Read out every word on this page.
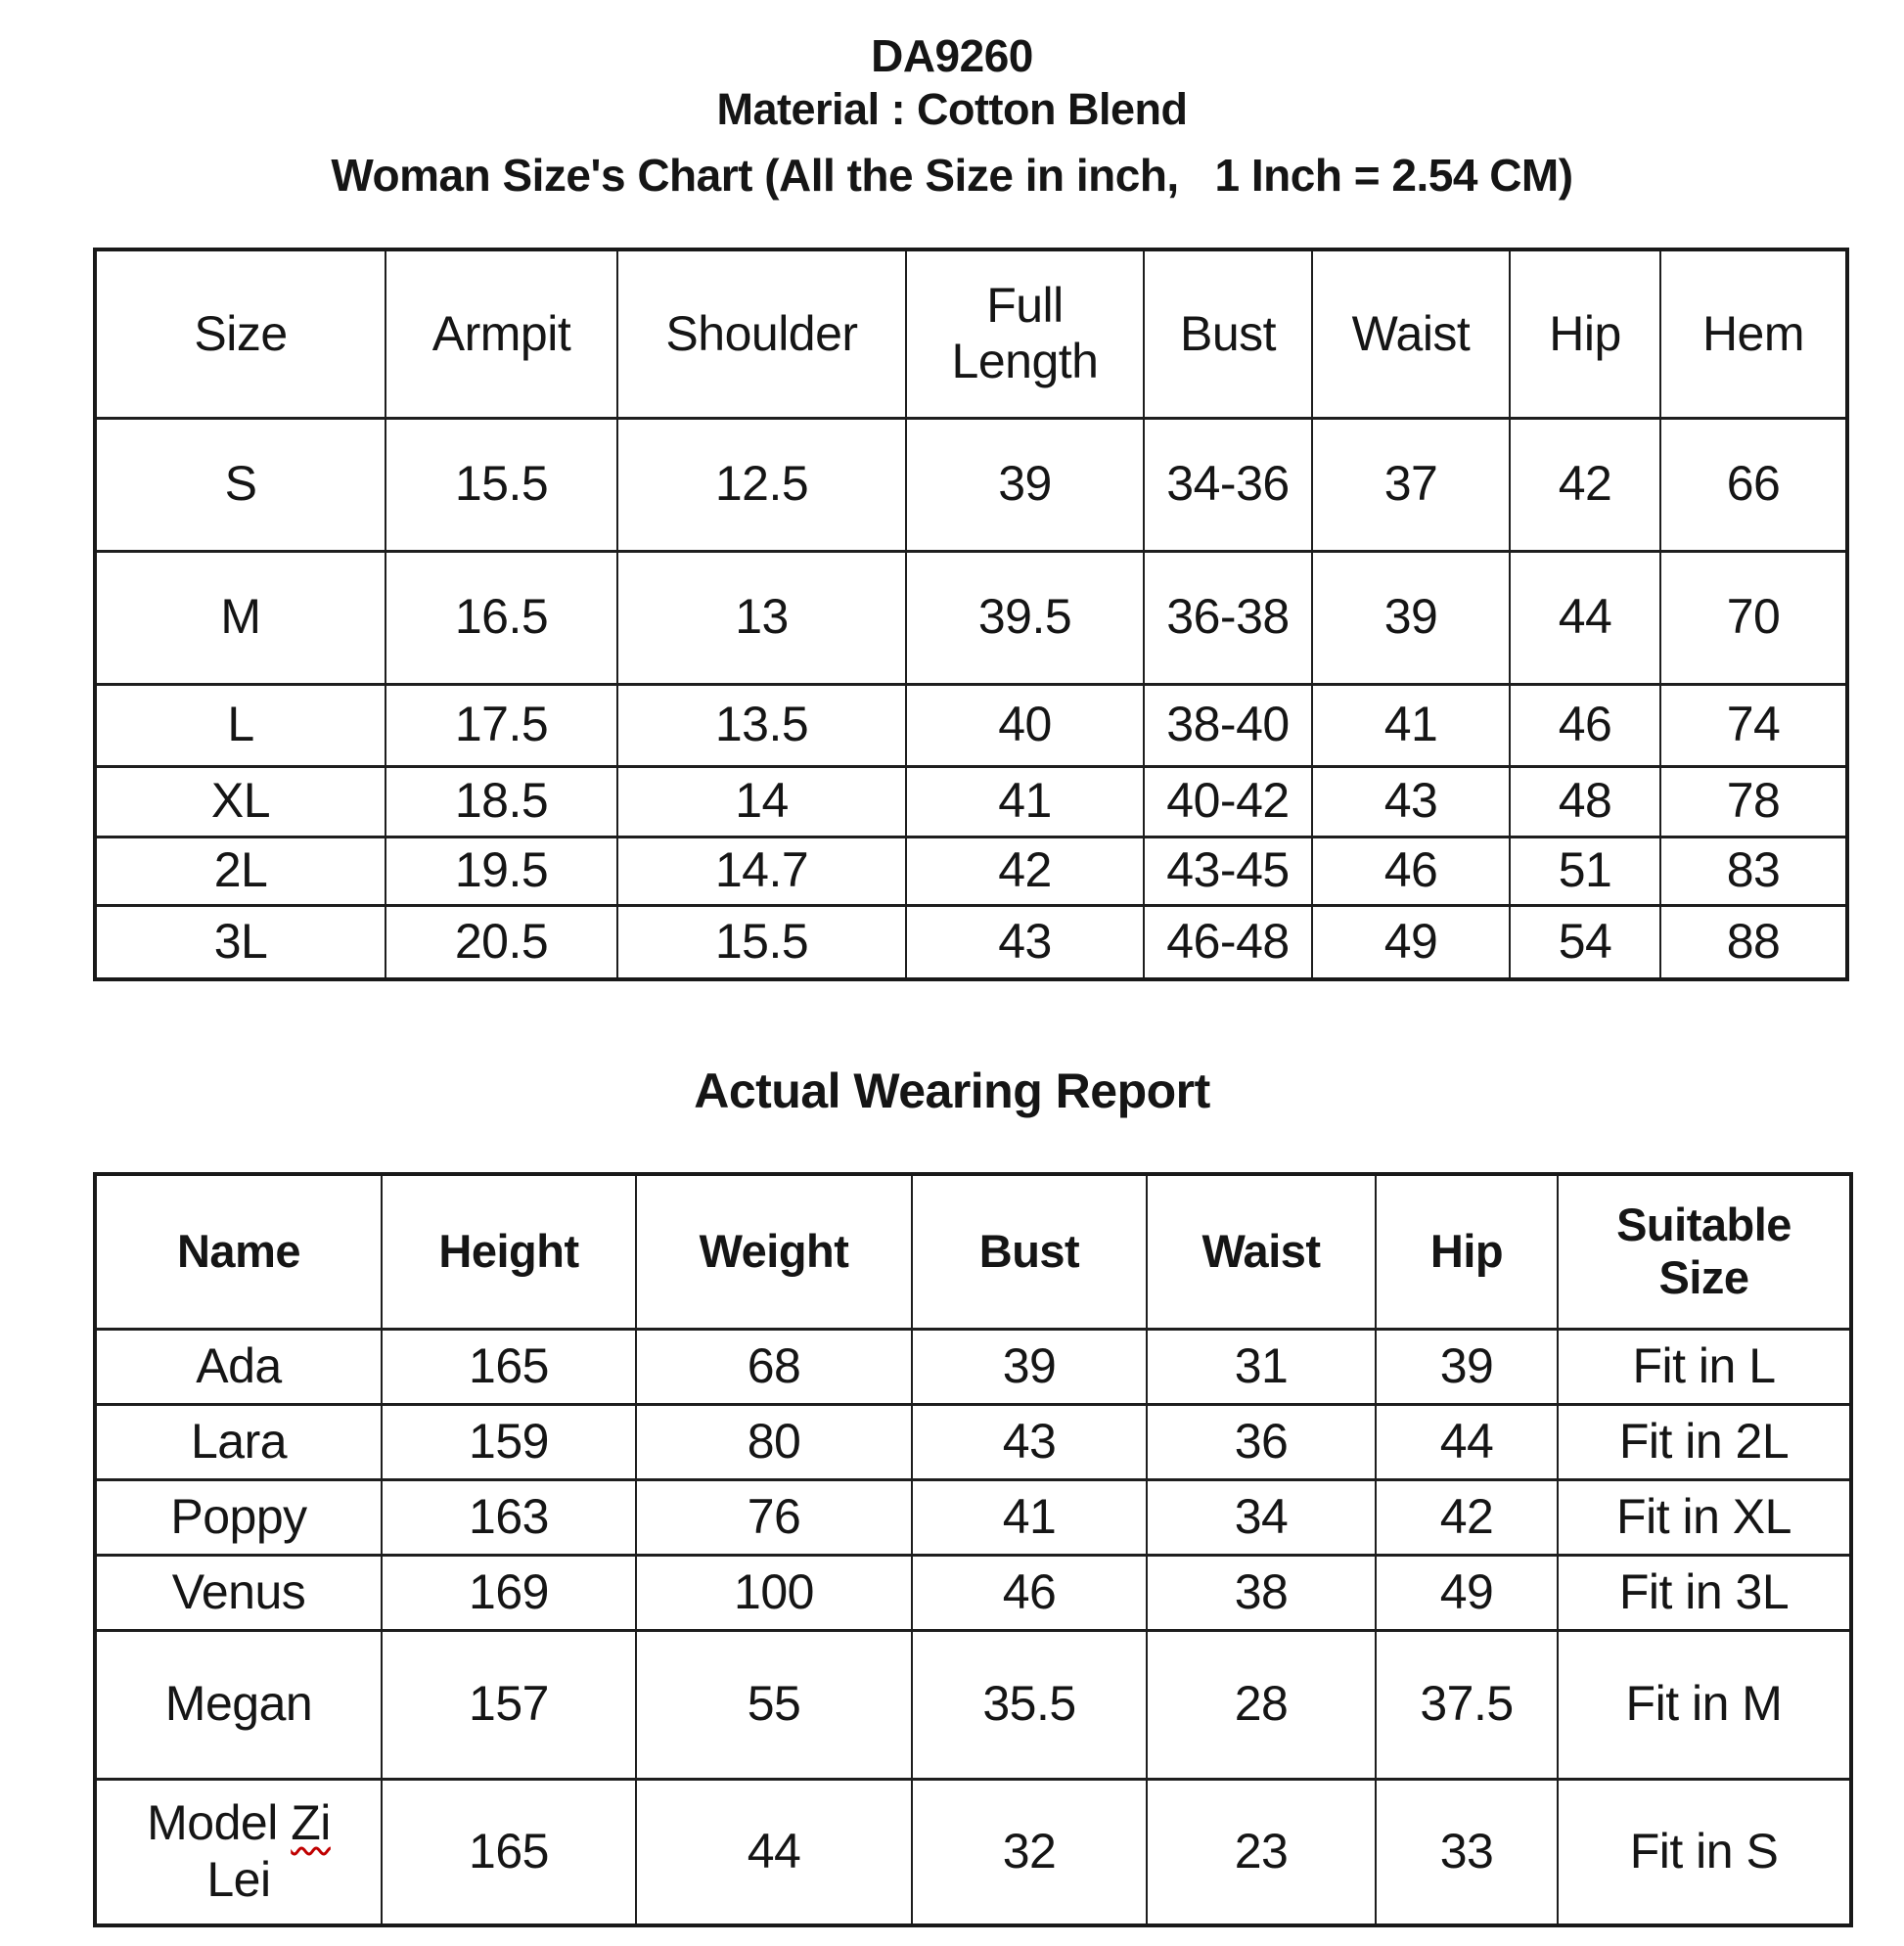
DA9260
Material : Cotton Blend
Woman Size's Chart (All the Size in inch,   1 Inch = 2.54 CM)
Size	Armpit	Shoulder	Full Length	Bust	Waist	Hip	Hem
S	15.5	12.5	39	34-36	37	42	66
M	16.5	13	39.5	36-38	39	44	70
L	17.5	13.5	40	38-40	41	46	74
XL	18.5	14	41	40-42	43	48	78
2L	19.5	14.7	42	43-45	46	51	83
3L	20.5	15.5	43	46-48	49	54	88
Actual Wearing Report
Name	Height	Weight	Bust	Waist	Hip	Suitable Size
Ada	165	68	39	31	39	Fit in L
Lara	159	80	43	36	44	Fit in 2L
Poppy	163	76	41	34	42	Fit in XL
Venus	169	100	46	38	49	Fit in 3L
Megan	157	55	35.5	28	37.5	Fit in M
Model Zi
Lei	165	44	32	23	33	Fit in S
